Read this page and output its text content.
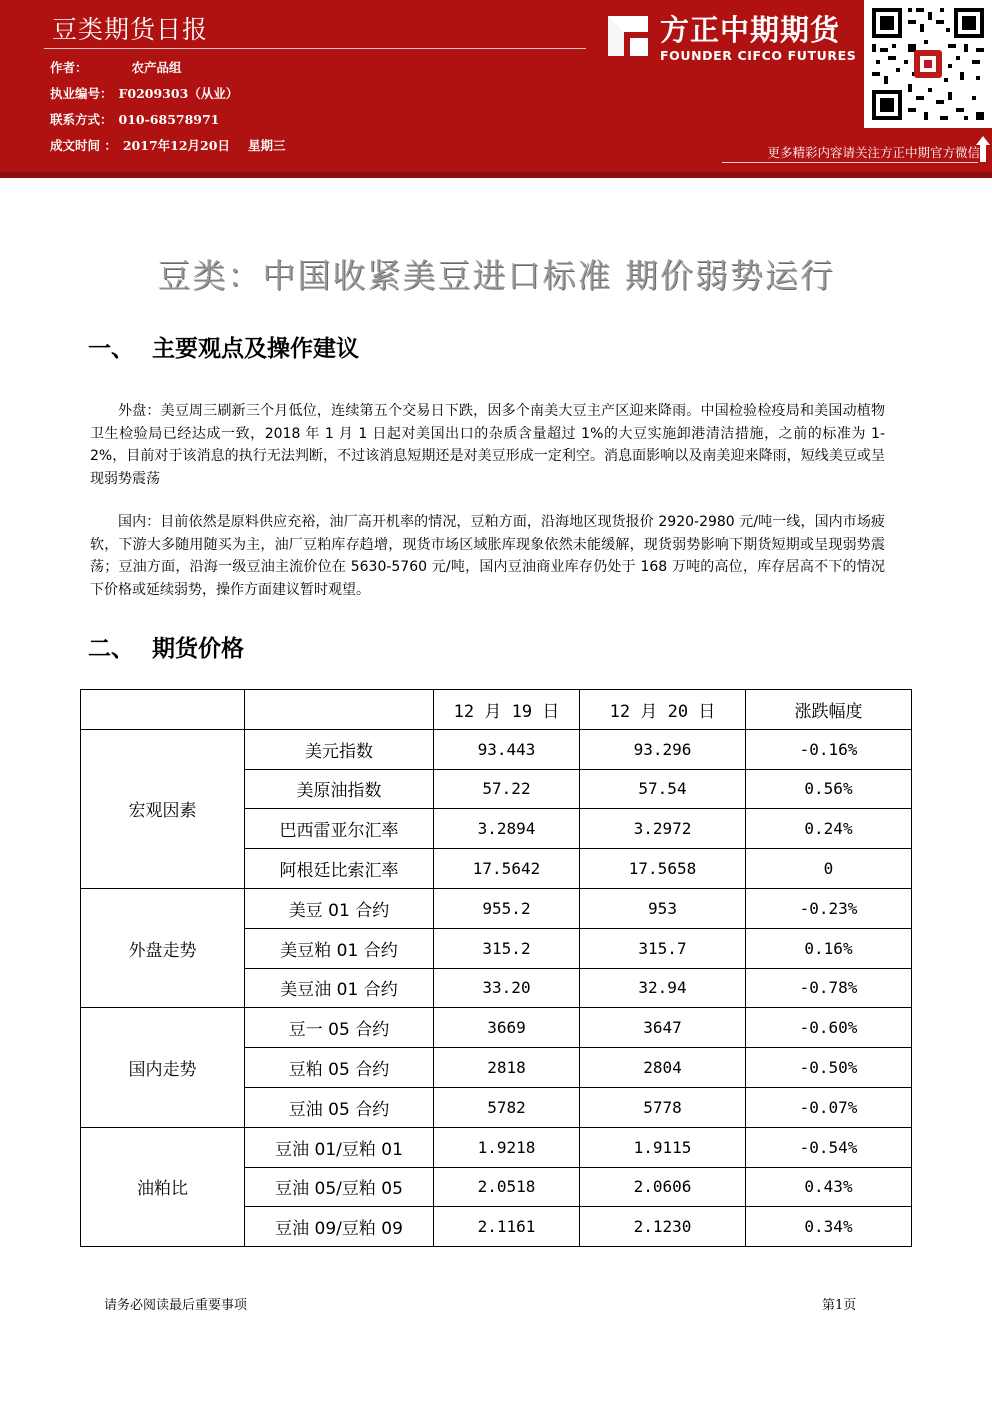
豆类期货日报
作者：	农产品组
执业编号： F0209303（从业）
联系方式： 010-68578971
成文时间 ： 2017年12月20日 星期三
方正中期期货
FOUNDER CIFCO FUTURES
更多精彩内容请关注方正中期官方微信
豆类：中国收紧美豆进口标准 期价弱势运行
一、 主要观点及操作建议

外盘：美豆周三刷新三个月低位，连续第五个交易日下跌，因多个南美大豆主产区迎来降雨。中国检验检疫局和美国动植物卫生检验局已经达成一致，2018 年 1 月 1 日起对美国出口的杂质含量超过 1%的大豆实施卸港清洁措施，之前的标准为 1-2%，目前对于该消息的执行无法判断，不过该消息短期还是对美豆形成一定利空。消息面影响以及南美迎来降雨，短线美豆或呈现弱势震荡

国内：目前依然是原料供应充裕，油厂高开机率的情况，豆粕方面，沿海地区现货报价 2920-2980 元/吨一线，国内市场疲软，下游大多随用随买为主，油厂豆粕库存趋增，现货市场区域胀库现象依然未能缓解，现货弱势影响下期货短期或呈现弱势震荡；豆油方面，沿海一级豆油主流价位在 5630-5760 元/吨，国内豆油商业库存仍处于 168 万吨的高位，库存居高不下的情况下价格或延续弱势，操作方面建议暂时观望。

二、 期货价格
		12 月 19 日	12 月 20 日	涨跌幅度
宏观因素	美元指数	93.443	93.296	-0.16%
	美原油指数	57.22	57.54	0.56%
	巴西雷亚尔汇率	3.2894	3.2972	0.24%
	阿根廷比索汇率	17.5642	17.5658	0
外盘走势	美豆 01 合约	955.2	953	-0.23%
	美豆粕 01 合约	315.2	315.7	0.16%
	美豆油 01 合约	33.20	32.94	-0.78%
国内走势	豆一 05 合约	3669	3647	-0.60%
	豆粕 05 合约	2818	2804	-0.50%
	豆油 05 合约	5782	5778	-0.07%
油粕比	豆油 01/豆粕 01	1.9218	1.9115	-0.54%
	豆油 05/豆粕 05	2.0518	2.0606	0.43%
	豆油 09/豆粕 09	2.1161	2.1230	0.34%
请务必阅读最后重要事项	第1页
